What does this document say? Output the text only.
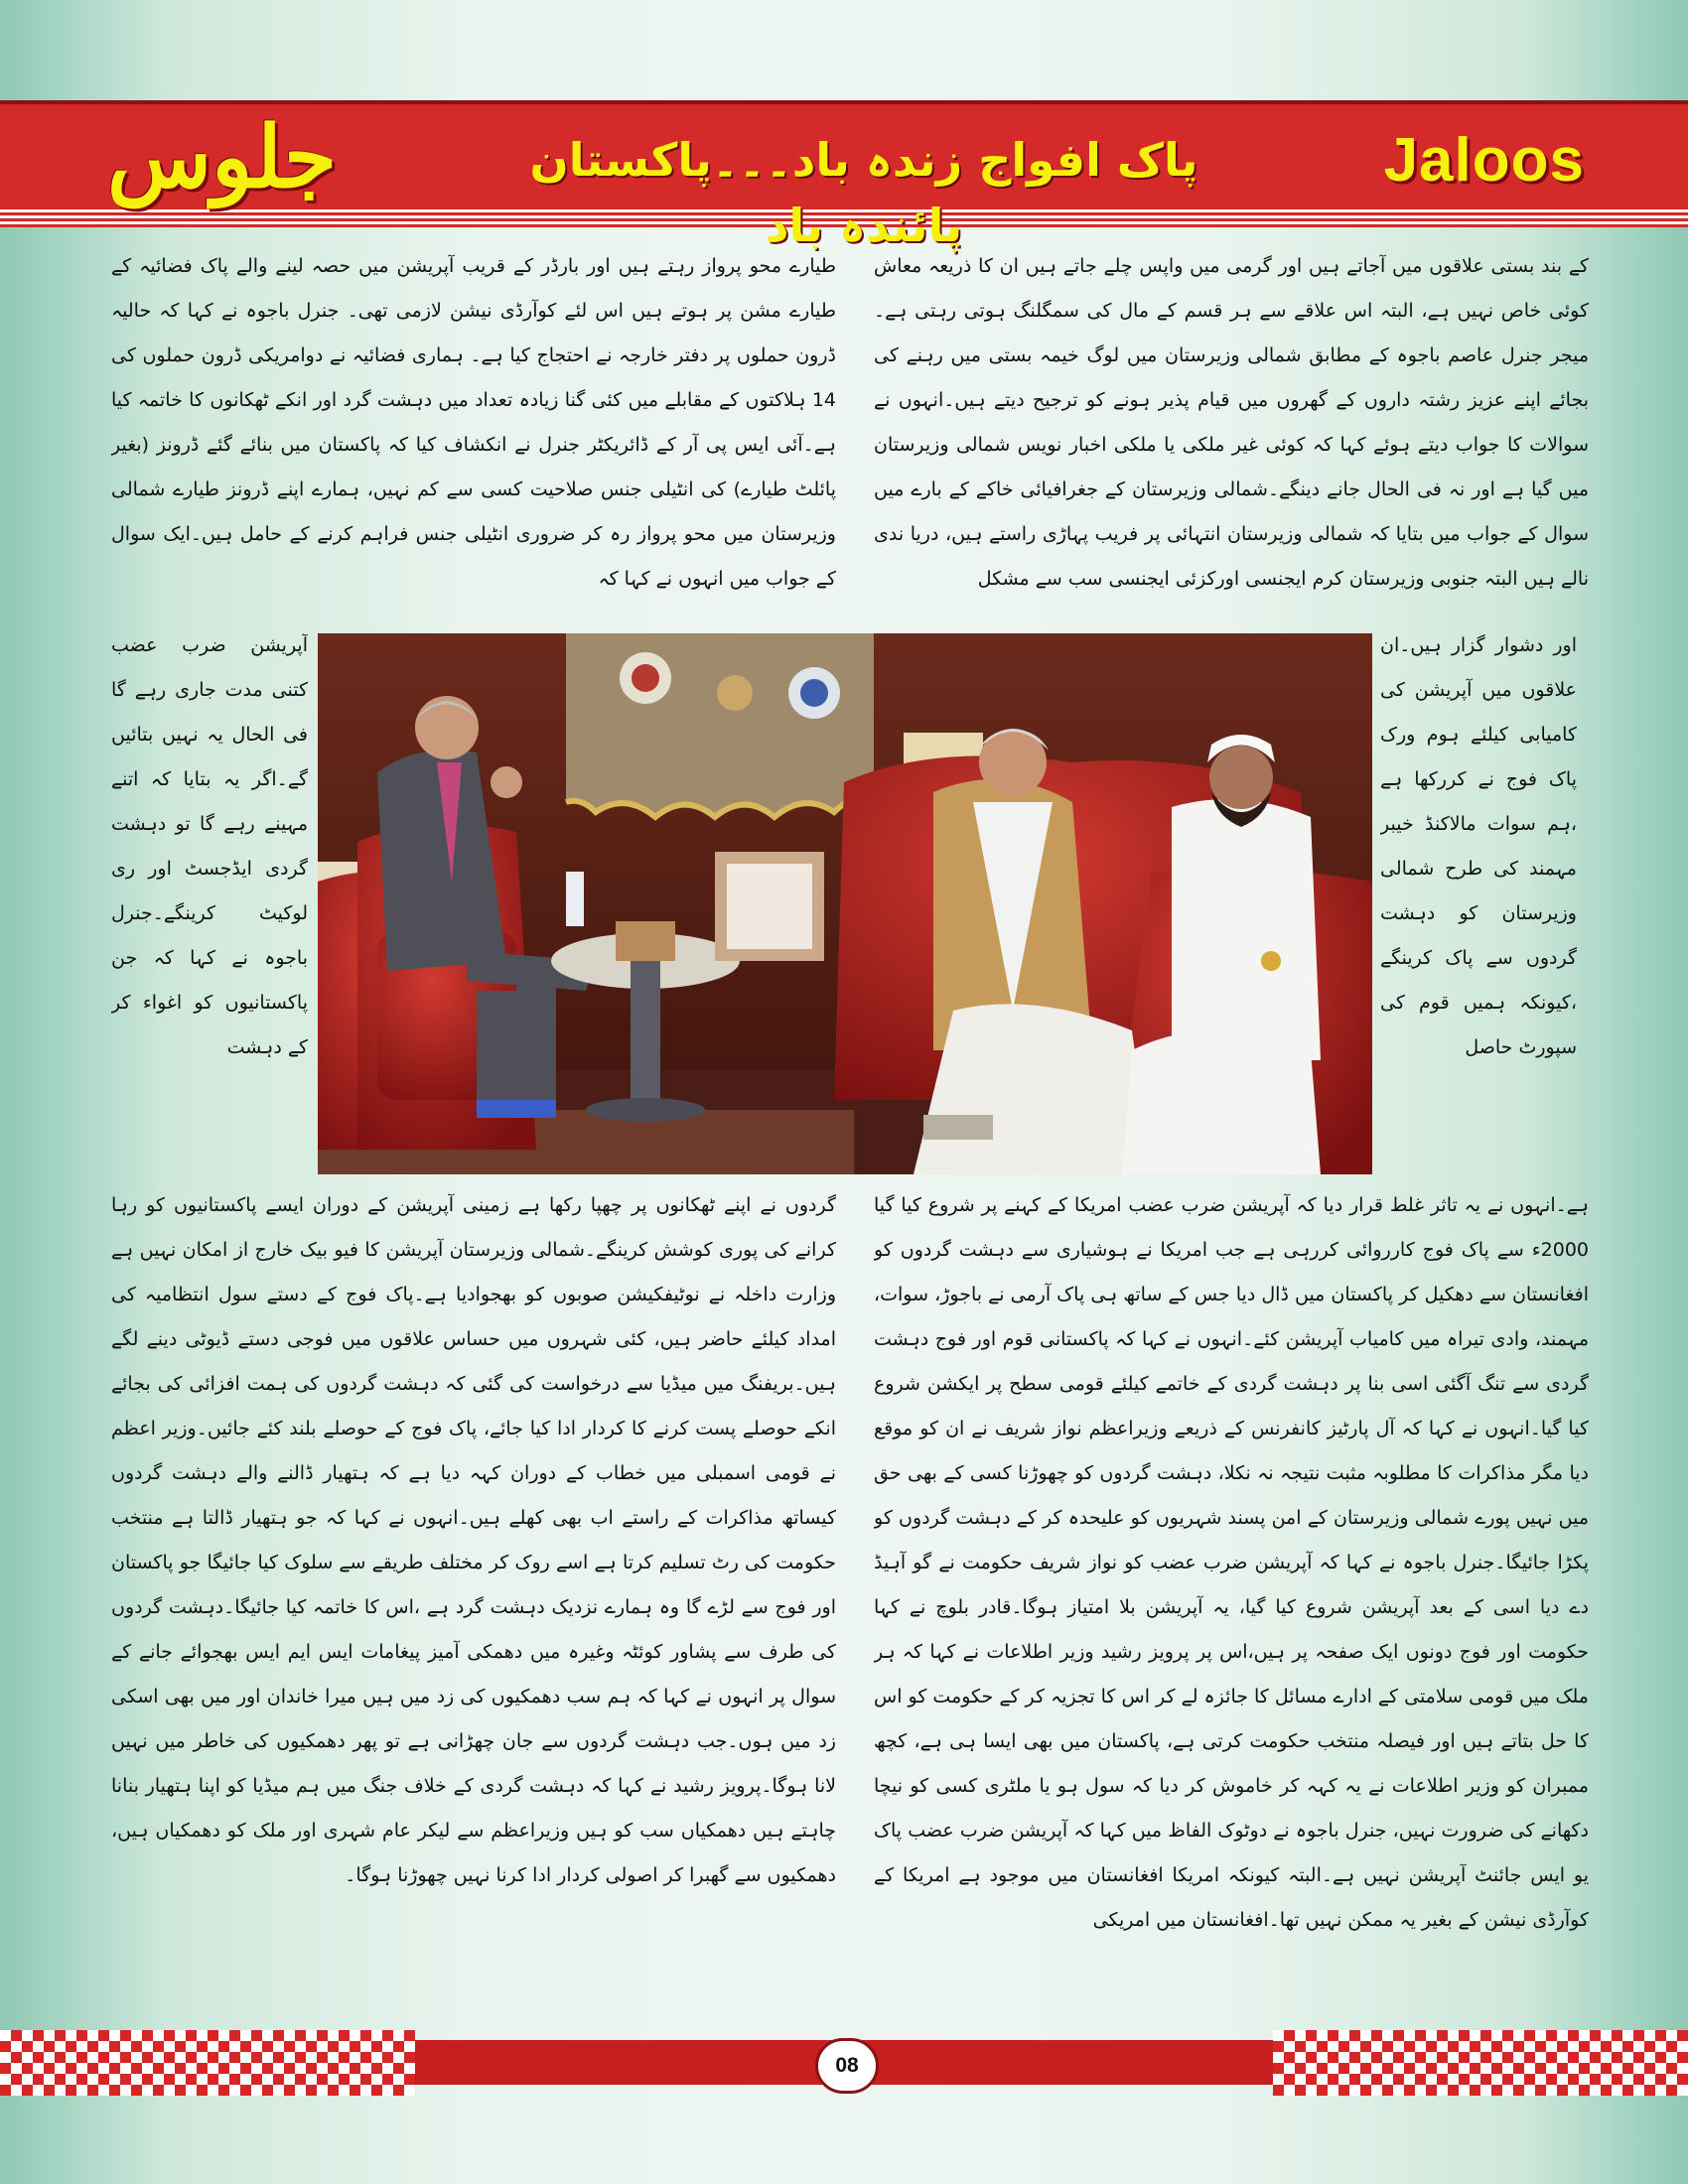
جلوس	پاک افواج زندہ باد۔۔۔پاکستان پائندہ باد
Jaloos

کے بند بستی علاقوں میں آجاتے ہیں اور گرمی میں واپس چلے جاتے ہیں ان کا ذریعہ معاش کوئی خاص نہیں ہے، البتہ اس علاقے سے ہر قسم کے مال کی سمگلنگ ہوتی رہتی ہے۔ میجر جنرل عاصم باجوہ کے مطابق شمالی وزیرستان میں لوگ خیمہ بستی میں رہنے کی بجائے اپنے عزیز رشتہ داروں کے گھروں میں قیام پذیر ہونے کو ترجیح دیتے ہیں۔انہوں نے سوالات کا جواب دیتے ہوئے کہا کہ کوئی غیر ملکی یا ملکی اخبار نویس شمالی وزیرستان میں گیا ہے اور نہ فی الحال جانے دینگے۔شمالی وزیرستان کے جغرافیائی خاکے کے بارے میں سوال کے جواب میں بتایا کہ شمالی وزیرستان انتہائی پر فریب پہاڑی راستے ہیں، دریا ندی نالے ہیں البتہ جنوبی وزیرستان کرم ایجنسی اورکزئی ایجنسی سب سے مشکل

طیارے محو پرواز رہتے ہیں اور بارڈر کے قریب آپریشن میں حصہ لینے والے پاک فضائیہ کے طیارے مشن پر ہوتے ہیں اس لئے کوآرڈی نیشن لازمی تھی۔ جنرل باجوہ نے کہا کہ حالیہ ڈرون حملوں پر دفتر خارجہ نے احتجاج کیا ہے۔ ہماری فضائیہ نے دوامریکی ڈرون حملوں کی 14 ہلاکتوں کے مقابلے میں کئی گنا زیادہ تعداد میں دہشت گرد اور انکے ٹھکانوں کا خاتمہ کیا ہے۔آئی ایس پی آر کے ڈائریکٹر جنرل نے انکشاف کیا کہ پاکستان میں بنائے گئے ڈرونز (بغیر پائلٹ طیارے) کی انٹیلی جنس صلاحیت کسی سے کم نہیں، ہمارے اپنے ڈرونز طیارے شمالی وزیرستان میں محو پرواز رہ کر ضروری انٹیلی جنس فراہم کرنے کے حامل ہیں۔ایک سوال کے جواب میں انہوں نے کہا کہ

اور دشوار گزار ہیں۔ان علاقوں میں آپریشن کی کامیابی کیلئے ہوم ورک پاک فوج نے کررکھا ہے ،ہم سوات مالاکنڈ خیبر مہمند کی طرح شمالی وزیرستان کو دہشت گردوں سے پاک کرینگے ،کیونکہ ہمیں قوم کی سپورٹ حاصل

آپریشن ضرب عضب کتنی مدت جاری رہے گا فی الحال یہ نہیں بتائیں گے۔اگر یہ بتایا کہ اتنے مہینے رہے گا تو دہشت گردی ایڈجسٹ اور ری لوکیٹ کرینگے۔جنرل باجوہ نے کہا کہ جن پاکستانیوں کو اغواء کر کے دہشت

ہے۔انہوں نے یہ تاثر غلط قرار دیا کہ آپریشن ضرب عضب امریکا کے کہنے پر شروع کیا گیا 2000ء سے پاک فوج کارروائی کررہی ہے جب امریکا نے ہوشیاری سے دہشت گردوں کو افغانستان سے دھکیل کر پاکستان میں ڈال دیا جس کے ساتھ ہی پاک آرمی نے باجوڑ، سوات، مہمند، وادی تیراہ میں کامیاب آپریشن کئے۔انہوں نے کہا کہ پاکستانی قوم اور فوج دہشت گردی سے تنگ آگئی اسی بنا پر دہشت گردی کے خاتمے کیلئے قومی سطح پر ایکشن شروع کیا گیا۔انہوں نے کہا کہ آل پارٹیز کانفرنس کے ذریعے وزیراعظم نواز شریف نے ان کو موقع دیا مگر مذاکرات کا مطلوبہ مثبت نتیجہ نہ نکلا، دہشت گردوں کو چھوڑنا کسی کے بھی حق میں نہیں پورے شمالی وزیرستان کے امن پسند شہریوں کو علیحدہ کر کے دہشت گردوں کو پکڑا جائیگا۔جنرل باجوہ نے کہا کہ آپریشن ضرب عضب کو نواز شریف حکومت نے گو آہیڈ دے دیا اسی کے بعد آپریشن شروع کیا گیا، یہ آپریشن بلا امتیاز ہوگا۔قادر بلوچ نے کہا حکومت اور فوج دونوں ایک صفحہ پر ہیں،اس پر پرویز رشید وزیر اطلاعات نے کہا کہ ہر ملک میں قومی سلامتی کے ادارے مسائل کا جائزہ لے کر اس کا تجزیہ کر کے حکومت کو اس کا حل بتاتے ہیں اور فیصلہ منتخب حکومت کرتی ہے، پاکستان میں بھی ایسا ہی ہے، کچھ ممبران کو وزیر اطلاعات نے یہ کہہ کر خاموش کر دیا کہ سول ہو یا ملٹری کسی کو نیچا دکھانے کی ضرورت نہیں، جنرل باجوہ نے دوٹوک الفاظ میں کہا کہ آپریشن ضرب عضب پاک یو ایس جائنٹ آپریشن نہیں ہے۔البتہ کیونکہ امریکا افغانستان میں موجود ہے امریکا کے کوآرڈی نیشن کے بغیر یہ ممکن نہیں تھا۔افغانستان میں امریکی

گردوں نے اپنے ٹھکانوں پر چھپا رکھا ہے زمینی آپریشن کے دوران ایسے پاکستانیوں کو رہا کرانے کی پوری کوشش کرینگے۔شمالی وزیرستان آپریشن کا فیو بیک خارج از امکان نہیں ہے وزارت داخلہ نے نوٹیفکیشن صوبوں کو بھجوادیا ہے۔پاک فوج کے دستے سول انتظامیہ کی امداد کیلئے حاضر ہیں، کئی شہروں میں حساس علاقوں میں فوجی دستے ڈیوٹی دینے لگے ہیں۔بریفنگ میں میڈیا سے درخواست کی گئی کہ دہشت گردوں کی ہمت افزائی کی بجائے انکے حوصلے پست کرنے کا کردار ادا کیا جائے، پاک فوج کے حوصلے بلند کئے جائیں۔وزیر اعظم نے قومی اسمبلی میں خطاب کے دوران کہہ دیا ہے کہ ہتھیار ڈالنے والے دہشت گردوں کیساتھ مذاکرات کے راستے اب بھی کھلے ہیں۔انہوں نے کہا کہ جو ہتھیار ڈالتا ہے منتخب حکومت کی رٹ تسلیم کرتا ہے اسے روک کر مختلف طریقے سے سلوک کیا جائیگا جو پاکستان اور فوج سے لڑے گا وہ ہمارے نزدیک دہشت گرد ہے ،اس کا خاتمہ کیا جائیگا۔دہشت گردوں کی طرف سے پشاور کوئٹہ وغیرہ میں دھمکی آمیز پیغامات ایس ایم ایس بھجوائے جانے کے سوال پر انہوں نے کہا کہ ہم سب دھمکیوں کی زد میں ہیں میرا خاندان اور میں بھی اسکی زد میں ہوں۔جب دہشت گردوں سے جان چھڑانی ہے تو پھر دھمکیوں کی خاطر میں نہیں لانا ہوگا۔پرویز رشید نے کہا کہ دہشت گردی کے خلاف جنگ میں ہم میڈیا کو اپنا ہتھیار بنانا چاہتے ہیں دھمکیاں سب کو ہیں وزیراعظم سے لیکر عام شہری اور ملک کو دھمکیاں ہیں، دھمکیوں سے گھبرا کر اصولی کردار ادا کرنا نہیں چھوڑنا ہوگا۔

08
